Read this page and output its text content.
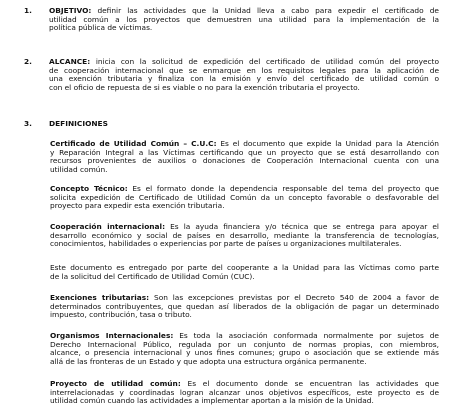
1. OBJETIVO: definir las actividades que la Unidad lleva a cabo para expedir el certificado de
utilidad común a los proyectos que demuestren una utilidad para la implementación de la
política pública de víctimas.
2. ALCANCE: inicia con la solicitud de expedición del certificado de utilidad común del proyecto
de cooperación internacional que se enmarque en los requisitos legales para la aplicación de
una exención tributaria y finaliza con la emisión y envío del certificado de utilidad común o
con el oficio de repuesta de si es viable o no para la exención tributaria el proyecto.
3. DEFINICIONES
Certificado de Utilidad Común – C.U.C: Es el documento que expide la Unidad para la Atención
y Reparación Integral a las Víctimas certificando que un proyecto que se está desarrollando con
recursos provenientes de auxilios o donaciones de Cooperación Internacional cuenta con una
utilidad común.
Concepto Técnico: Es el formato donde la dependencia responsable del tema del proyecto que
solicita expedición de Certificado de Utilidad Común da un concepto favorable o desfavorable del
proyecto para expedir esta exención tributaria.
Cooperación internacional: Es la ayuda financiera y/o técnica que se entrega para apoyar el
desarrollo económico y social de países en desarrollo, mediante la transferencia de tecnologías,
conocimientos, habilidades o experiencias por parte de países u organizaciones multilaterales.
Este documento es entregado por parte del cooperante a la Unidad para las Víctimas como parte
de la solicitud del Certificado de Utilidad Común (CUC).
Exenciones tributarias: Son las excepciones previstas por el Decreto 540 de 2004 a favor de
determinados contribuyentes, que quedan así liberados de la obligación de pagar un determinado
impuesto, contribución, tasa o tributo.
Organismos Internacionales: Es toda la asociación conformada normalmente por sujetos de
Derecho Internacional Público, regulada por un conjunto de normas propias, con miembros,
alcance, o presencia internacional y unos fines comunes; grupo o asociación que se extiende más
allá de las fronteras de un Estado y que adopta una estructura orgánica permanente.
Proyecto de utilidad común: Es el documento donde se encuentran las actividades que
interrelacionadas y coordinadas logran alcanzar unos objetivos específicos, este proyecto es de
utilidad común cuando las actividades a implementar aportan a la misión de la Unidad.
